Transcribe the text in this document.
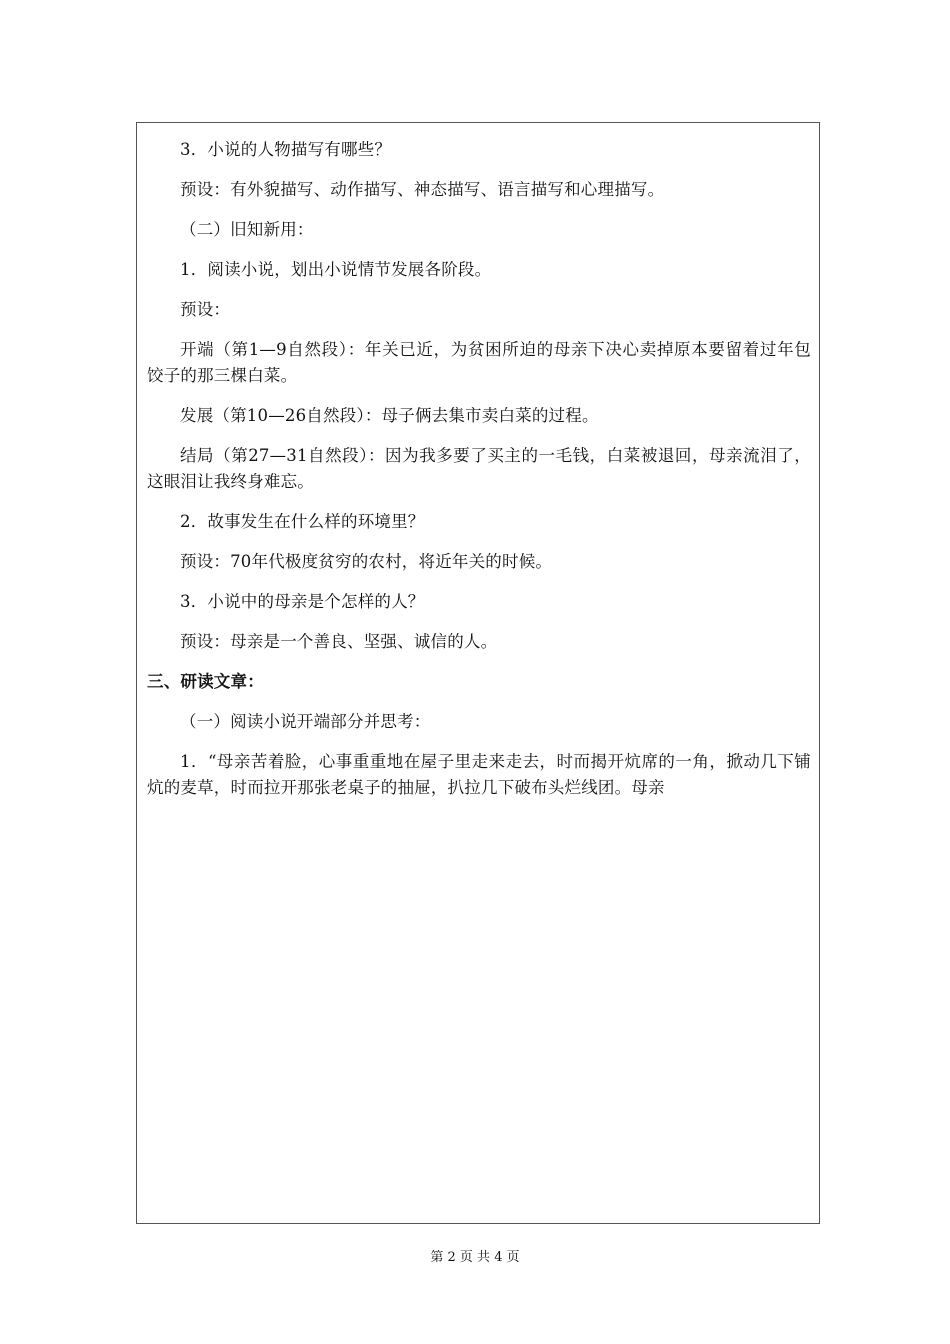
3．小说的人物描写有哪些？

预设：有外貌描写、动作描写、神态描写、语言描写和心理描写。

（二）旧知新用：

1．阅读小说，划出小说情节发展各阶段。

预设：

开端（第1—9自然段）：年关已近，为贫困所迫的母亲下决心卖掉原本要留着过年包饺子的那三棵白菜。

发展（第10—26自然段）：母子俩去集市卖白菜的过程。

结局（第27—31自然段）：因为我多要了买主的一毛钱，白菜被退回，母亲流泪了，这眼泪让我终身难忘。

2．故事发生在什么样的环境里？

预设：70年代极度贫穷的农村，将近年关的时候。

3．小说中的母亲是个怎样的人？

预设：母亲是一个善良、坚强、诚信的人。

三、研读文章：

（一）阅读小说开端部分并思考：

1．“母亲苦着脸，心事重重地在屋子里走来走去，时而揭开炕席的一角，掀动几下铺炕的麦草，时而拉开那张老桌子的抽屉，扒拉几下破布头烂线团。母亲

第 2 页 共 4 页
